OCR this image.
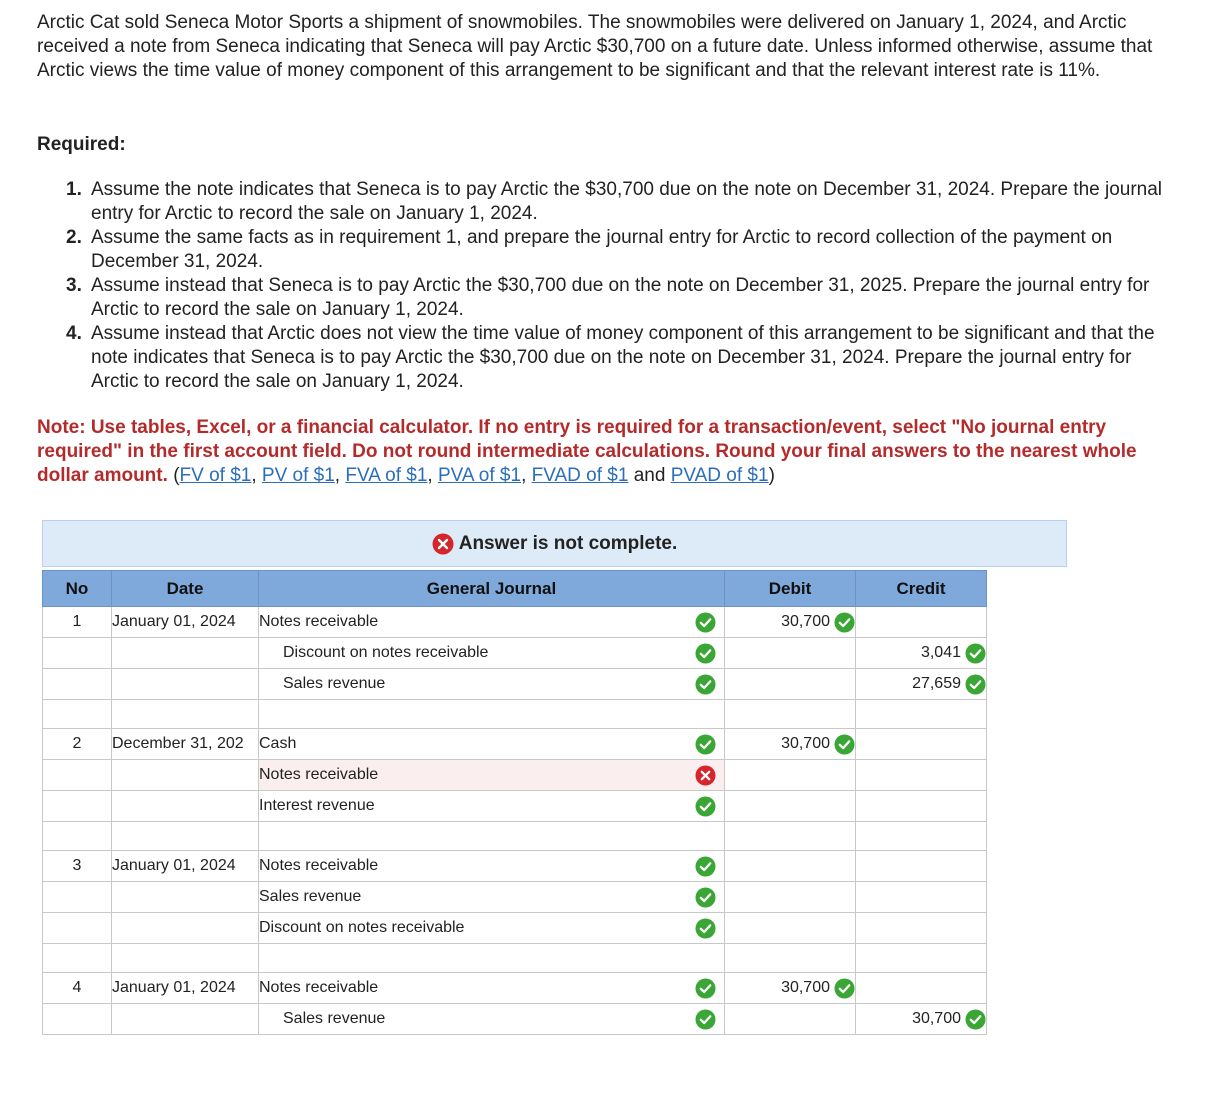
Arctic Cat sold Seneca Motor Sports a shipment of snowmobiles. The snowmobiles were delivered on January 1, 2024, and Arctic received a note from Seneca indicating that Seneca will pay Arctic $30,700 on a future date. Unless informed otherwise, assume that Arctic views the time value of money component of this arrangement to be significant and that the relevant interest rate is 11%.
Required:
1. Assume the note indicates that Seneca is to pay Arctic the $30,700 due on the note on December 31, 2024. Prepare the journal entry for Arctic to record the sale on January 1, 2024.
2. Assume the same facts as in requirement 1, and prepare the journal entry for Arctic to record collection of the payment on December 31, 2024.
3. Assume instead that Seneca is to pay Arctic the $30,700 due on the note on December 31, 2025. Prepare the journal entry for Arctic to record the sale on January 1, 2024.
4. Assume instead that Arctic does not view the time value of money component of this arrangement to be significant and that the note indicates that Seneca is to pay Arctic the $30,700 due on the note on December 31, 2024. Prepare the journal entry for Arctic to record the sale on January 1, 2024.
Note: Use tables, Excel, or a financial calculator. If no entry is required for a transaction/event, select "No journal entry required" in the first account field. Do not round intermediate calculations. Round your final answers to the nearest whole dollar amount. (FV of $1, PV of $1, FVA of $1, PVA of $1, FVAD of $1 and PVAD of $1)
Answer is not complete.
No	Date	General Journal	Debit	Credit
1	January 01, 2024	Notes receivable	30,700	
		Discount on notes receivable		3,041
		Sales revenue		27,659

2	December 31, 202	Cash	30,700	
		Notes receivable

		Interest revenue

3	January 01, 2024	Notes receivable

		Sales revenue

		Discount on notes receivable

4	January 01, 2024	Notes receivable	30,700	
		Sales revenue		30,700
